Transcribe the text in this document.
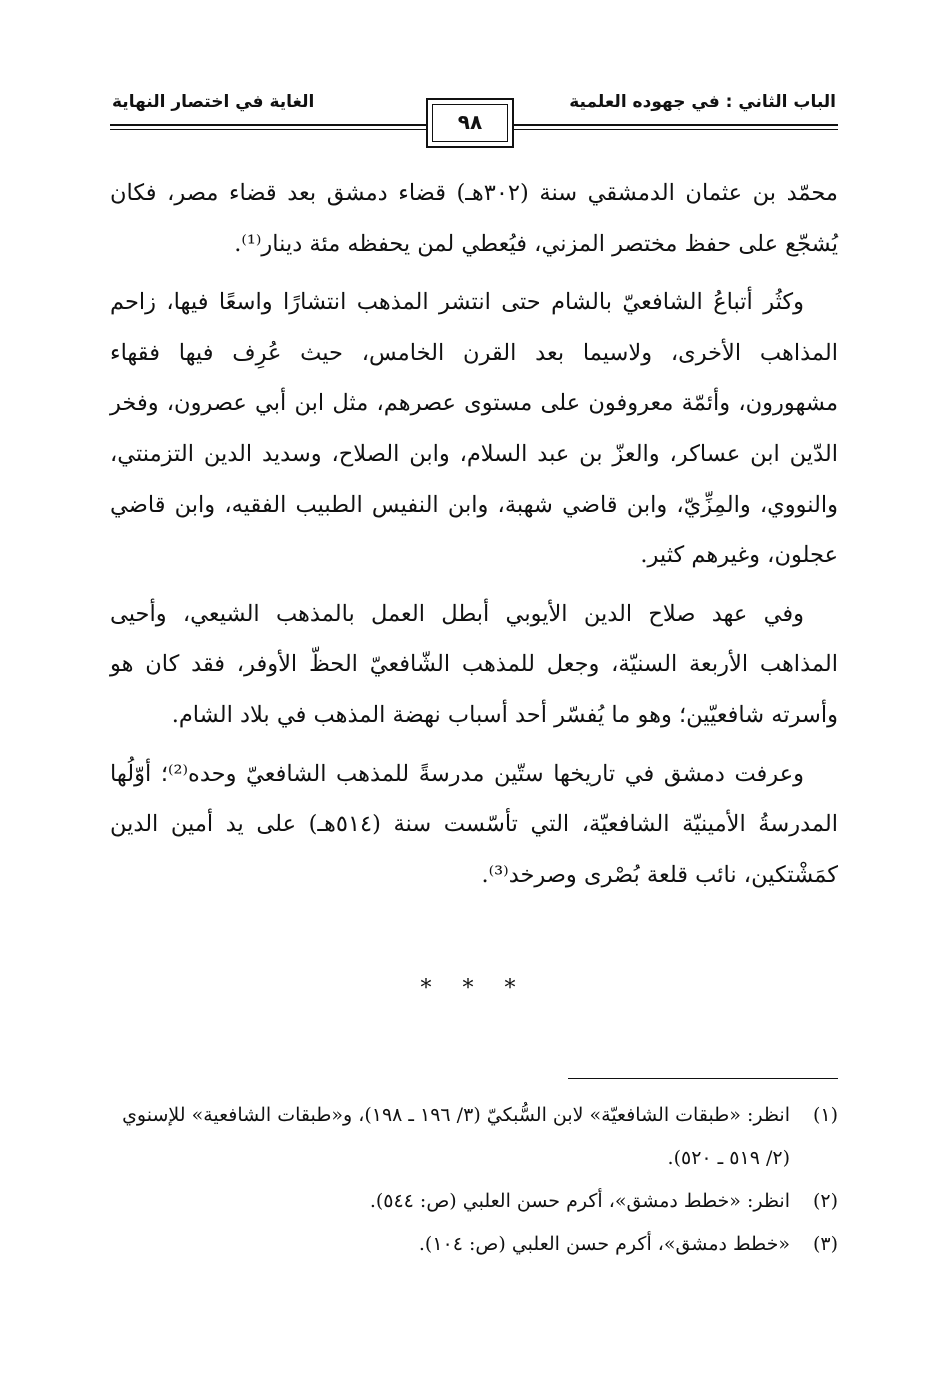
الباب الثاني : في جهوده العلمية
الغاية في اختصار النهاية
٩٨

محمّد بن عثمان الدمشقي سنة (٣٠٢هـ) قضاء دمشق بعد قضاء مصر، فكان يُشجّع على حفظ مختصر المزني، فيُعطي لمن يحفظه مئة دينار⁽¹⁾.

وكثُر أتباعُ الشافعيّ بالشام حتى انتشر المذهب انتشارًا واسعًا فيها، زاحم المذاهب الأخرى، ولاسيما بعد القرن الخامس، حيث عُرِف فيها فقهاء مشهورون، وأئمّة معروفون على مستوى عصرهم، مثل ابن أبي عصرون، وفخر الدّين ابن عساكر، والعزّ بن عبد السلام، وابن الصلاح، وسديد الدين التزمنتي، والنووي، والمِزِّيّ، وابن قاضي شهبة، وابن النفيس الطبيب الفقيه، وابن قاضي عجلون، وغيرهم كثير.

وفي عهد صلاح الدين الأيوبي أبطل العمل بالمذهب الشيعي، وأحيى المذاهب الأربعة السنيّة، وجعل للمذهب الشّافعيّ الحظّ الأوفر، فقد كان هو وأسرته شافعيّين؛ وهو ما يُفسّر أحد أسباب نهضة المذهب في بلاد الشام.

وعرفت دمشق في تاريخها ستّين مدرسةً للمذهب الشافعيّ وحده⁽²⁾؛ أوّلُها المدرسةُ الأمينيّة الشافعيّة، التي تأسّست سنة (٥١٤هـ) على يد أمين الدين كمَشْتكين، نائب قلعة بُصْرى وصرخد⁽³⁾.

* * *
(١)
انظر: «طبقات الشافعيّة» لابن السُّبكيّ (٣/ ١٩٦ ـ ١٩٨)، و«طبقات الشافعية» للإسنوي (٢/ ٥١٩ ـ ٥٢٠).
(٢)
انظر: «خطط دمشق»، أكرم حسن العلبي (ص: ٥٤٤).
(٣)
«خطط دمشق»، أكرم حسن العلبي (ص: ١٠٤).
